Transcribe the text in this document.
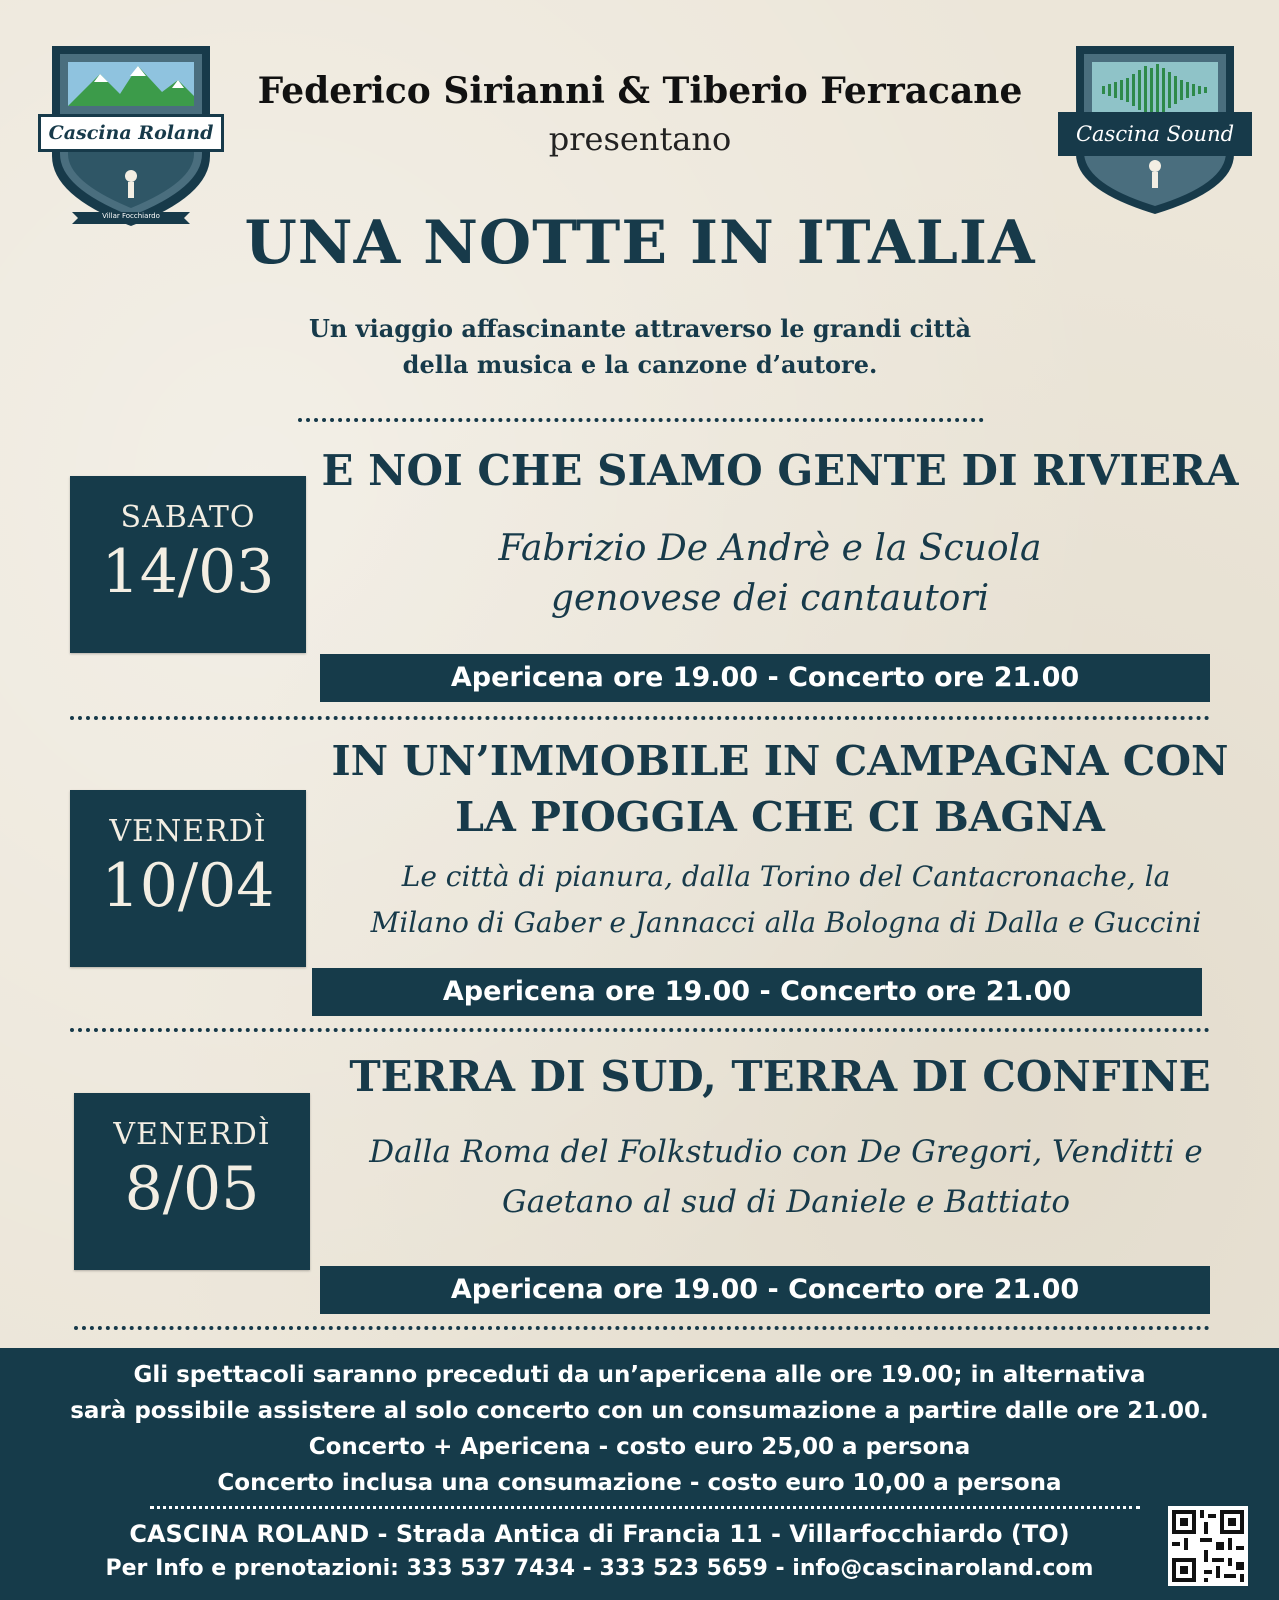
Cascina Roland
Villar Focchiardo
Cascina Sound
Federico Sirianni & Tiberio Ferracane
presentano
UNA NOTTE IN ITALIA
Un viaggio affascinante attraverso le grandi città
della musica e la canzone d’autore.
SABATO
14/03
E NOI CHE SIAMO GENTE DI RIVIERA
Fabrizio De Andrè e la Scuola
genovese dei cantautori
Apericena ore 19.00 - Concerto ore 21.00
VENERDÌ
10/04
IN UN’IMMOBILE IN CAMPAGNA CON
LA PIOGGIA CHE CI BAGNA
Le città di pianura, dalla Torino del Cantacronache, la
Milano di Gaber e Jannacci alla Bologna di Dalla e Guccini
Apericena ore 19.00 - Concerto ore 21.00
VENERDÌ
8/05
TERRA DI SUD, TERRA DI CONFINE
Dalla Roma del Folkstudio con De Gregori, Venditti e
Gaetano al sud di Daniele e Battiato
Apericena ore 19.00 - Concerto ore 21.00
Gli spettacoli saranno preceduti da un’apericena alle ore 19.00; in alternativa
sarà possibile assistere al solo concerto con un consumazione a partire dalle ore 21.00.
Concerto + Apericena - costo euro 25,00 a persona
Concerto inclusa una consumazione - costo euro 10,00 a persona
CASCINA ROLAND - Strada Antica di Francia 11 - Villarfocchiardo (TO)
Per Info e prenotazioni: 333 537 7434 - 333 523 5659 - info@cascinaroland.com
